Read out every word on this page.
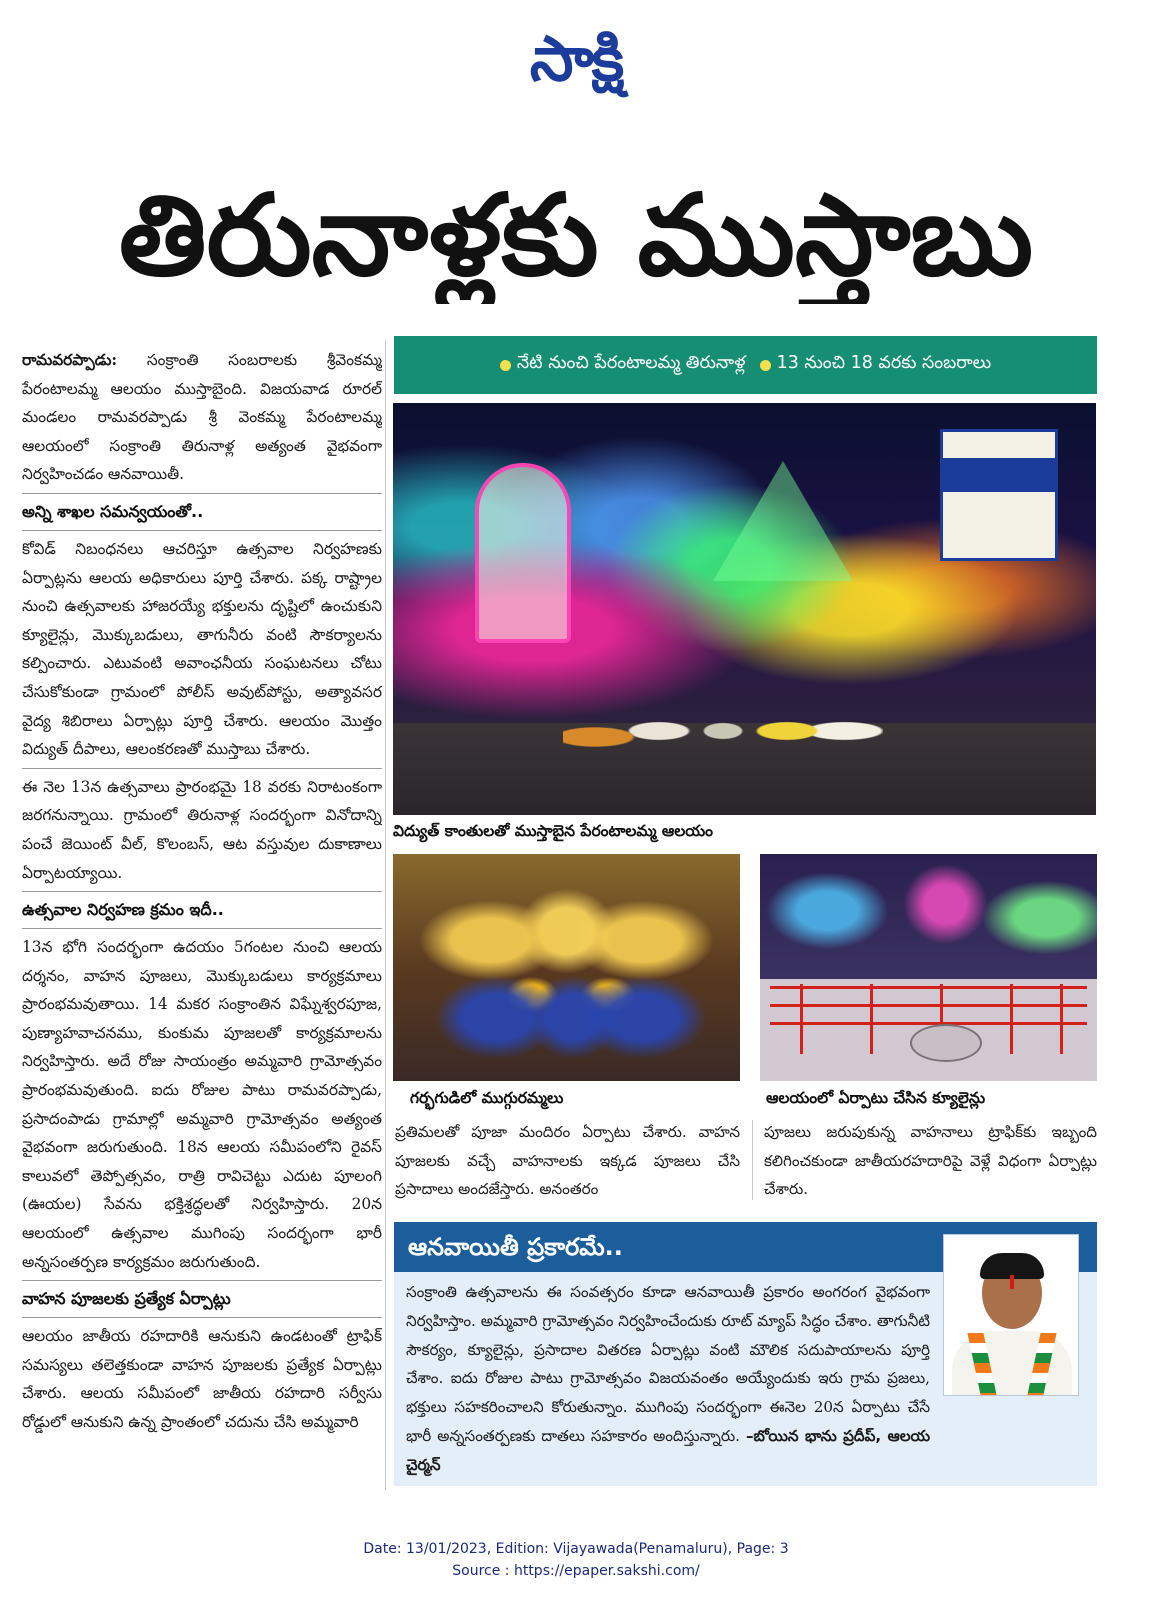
సాక్షి
తిరునాళ్లకు ముస్తాబు

రామవరప్పాడు: సంక్రాంతి సంబరాలకు శ్రీవెంకమ్మ పేరంటాలమ్మ ఆలయం ముస్తాబైంది. విజయవాడ రూరల్ మండలం రామవరప్పాడు శ్రీ వెంకమ్మ పేరంటాలమ్మ ఆలయంలో సంక్రాంతి తిరునాళ్ల అత్యంత వైభవంగా నిర్వహించడం ఆనవాయితీ.

అన్ని శాఖల సమన్వయంతో..

కోవిడ్ నిబంధనలు ఆచరిస్తూ ఉత్సవాల నిర్వహణకు ఏర్పాట్లను ఆలయ అధికారులు పూర్తి చేశారు. పక్క రాష్ట్రాల నుంచి ఉత్సవాలకు హాజరయ్యే భక్తులను దృష్టిలో ఉంచుకుని క్యూలైన్లు, మొక్కుబడులు, తాగునీరు వంటి సౌకర్యాలను కల్పించారు. ఎటువంటి అవాంఛనీయ సంఘటనలు చోటు చేసుకోకుండా గ్రామంలో పోలీస్ అవుట్‌పోస్టు, అత్యావసర వైద్య శిబిరాలు ఏర్పాట్లు పూర్తి చేశారు. ఆలయం మొత్తం విద్యుత్ దీపాలు, ఆలంకరణతో ముస్తాబు చేశారు.

ఈ నెల 13న ఉత్సవాలు ప్రారంభమై 18 వరకు నిరాటంకంగా జరగనున్నాయి. గ్రామంలో తిరునాళ్ల సందర్భంగా వినోదాన్ని పంచే జెయింట్ వీల్, కొలంబస్, ఆట వస్తువుల దుకాణాలు ఏర్పాటయ్యాయి.

ఉత్సవాల నిర్వహణ క్రమం ఇదీ..

13న భోగి సందర్భంగా ఉదయం 5గంటల నుంచి ఆలయ దర్శనం, వాహన పూజలు, మొక్కుబడులు కార్యక్రమాలు ప్రారంభమవుతాయి. 14 మకర సంక్రాంతిన విఘ్నేశ్వరపూజ, పుణ్యాహవాచనము, కుంకుమ పూజలతో కార్యక్రమాలను నిర్వహిస్తారు. అదే రోజు సాయంత్రం అమ్మవారి గ్రామోత్సవం ప్రారంభమవుతుంది. ఐదు రోజుల పాటు రామవరప్పాడు, ప్రసాదంపాడు గ్రామాల్లో అమ్మవారి గ్రామోత్సవం అత్యంత వైభవంగా జరుగుతుంది. 18న ఆలయ సమీపంలోని రైవస్ కాలువలో తెప్పోత్సవం, రాత్రి రావిచెట్టు ఎదుట పూలంగి (ఊయల) సేవను భక్తిశ్రద్ధలతో నిర్వహిస్తారు. 20న ఆలయంలో ఉత్సవాల ముగింపు సందర్భంగా భారీ అన్నసంతర్పణ కార్యక్రమం జరుగుతుంది.

వాహన పూజలకు ప్రత్యేక ఏర్పాట్లు

ఆలయం జాతీయ రహదారికి ఆనుకుని ఉండటంతో ట్రాఫిక్ సమస్యలు తలెత్తకుండా వాహన పూజలకు ప్రత్యేక ఏర్పాట్లు చేశారు. ఆలయ సమీపంలో జాతీయ రహదారి సర్వీసు రోడ్డులో ఆనుకుని ఉన్న ప్రాంతంలో చదును చేసి అమ్మవారి

నేటి నుంచి పేరంటాలమ్మ తిరునాళ్ల 13 నుంచి 18 వరకు సంబరాలు
విద్యుత్ కాంతులతో ముస్తాబైన పేరంటాలమ్మ ఆలయం
గర్భగుడిలో ముగ్గురమ్మలు	ఆలయంలో ఏర్పాటు చేసిన క్యూలైన్లు

ప్రతిమలతో పూజా మందిరం ఏర్పాటు చేశారు. వాహన పూజలకు వచ్చే వాహనాలకు ఇక్కడ పూజలు చేసి ప్రసాదాలు అందజేస్తారు. అనంతరం

పూజలు జరుపుకున్న వాహనాలు ట్రాఫిక్‌కు ఇబ్బంది కలిగించకుండా జాతీయరహదారిపై వెళ్లే విధంగా ఏర్పాట్లు చేశారు.

ఆనవాయితీ ప్రకారమే..

సంక్రాంతి ఉత్సవాలను ఈ సంవత్సరం కూడా ఆనవాయితీ ప్రకారం అంగరంగ వైభవంగా నిర్వహిస్తాం. అమ్మవారి గ్రామోత్సవం నిర్వహించేందుకు రూట్ మ్యాప్ సిద్ధం చేశాం. తాగునీటి సౌకర్యం, క్యూలైన్లు, ప్రసాదాల వితరణ ఏర్పాట్లు వంటి మౌలిక సదుపాయాలను పూర్తి చేశాం. ఐదు రోజుల పాటు గ్రామోత్సవం విజయవంతం అయ్యేందుకు ఇరు గ్రామ ప్రజలు, భక్తులు సహకరించాలని కోరుతున్నాం. ముగింపు సందర్భంగా ఈనెల 20న ఏర్పాటు చేసే భారీ అన్నసంతర్పణకు దాతలు సహకారం అందిస్తున్నారు. –బోయిన భాను ప్రదీప్, ఆలయ చైర్మన్

Date: 13/01/2023, Edition: Vijayawada(Penamaluru), Page: 3
Source : https://epaper.sakshi.com/
